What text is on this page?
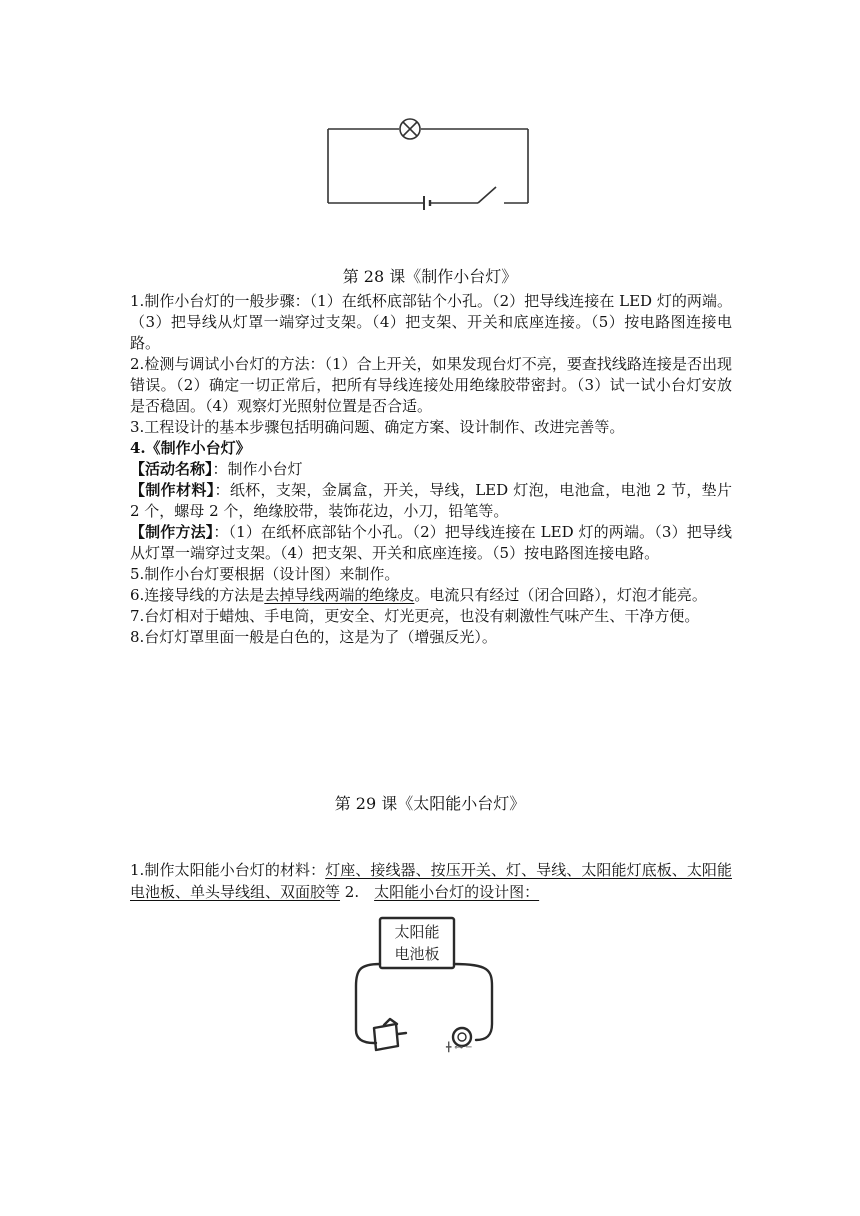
第 28 课《制作小台灯》

1.制作小台灯的一般步骤：（1）在纸杯底部钻个小孔。（2）把导线连接在 LED 灯的两端。（3）把导线从灯罩一端穿过支架。（4）把支架、开关和底座连接。（5）按电路图连接电路。

2.检测与调试小台灯的方法：（1）合上开关，如果发现台灯不亮，要查找线路连接是否出现错误。（2）确定一切正常后，把所有导线连接处用绝缘胶带密封。（3）试一试小台灯安放是否稳固。（4）观察灯光照射位置是否合适。

3.工程设计的基本步骤包括明确问题、确定方案、设计制作、改进完善等。

4.《制作小台灯》

【活动名称】：制作小台灯

【制作材料】：纸杯，支架，金属盒，开关，导线，LED 灯泡，电池盒，电池 2 节，垫片 2 个，螺母 2 个，绝缘胶带，装饰花边，小刀，铅笔等。

【制作方法】：（1）在纸杯底部钻个小孔。（2）把导线连接在 LED 灯的两端。（3）把导线从灯罩一端穿过支架。（4）把支架、开关和底座连接。（5）按电路图连接电路。

5.制作小台灯要根据（设计图）来制作。

6.连接导线的方法是去掉导线两端的绝缘皮。电流只有经过（闭合回路），灯泡才能亮。

7.台灯相对于蜡烛、手电筒，更安全、灯光更亮，也没有刺激性气味产生、干净方便。

8.台灯灯罩里面一般是白色的，这是为了（增强反光）。

第 29 课《太阳能小台灯》

1.制作太阳能小台灯的材料：灯座、接线器、按压开关、灯、导线、太阳能灯底板、太阳能电池板、单头导线组、双面胶等 2.　太阳能小台灯的设计图：

╋ ⊶ ─
太阳能
电池板
